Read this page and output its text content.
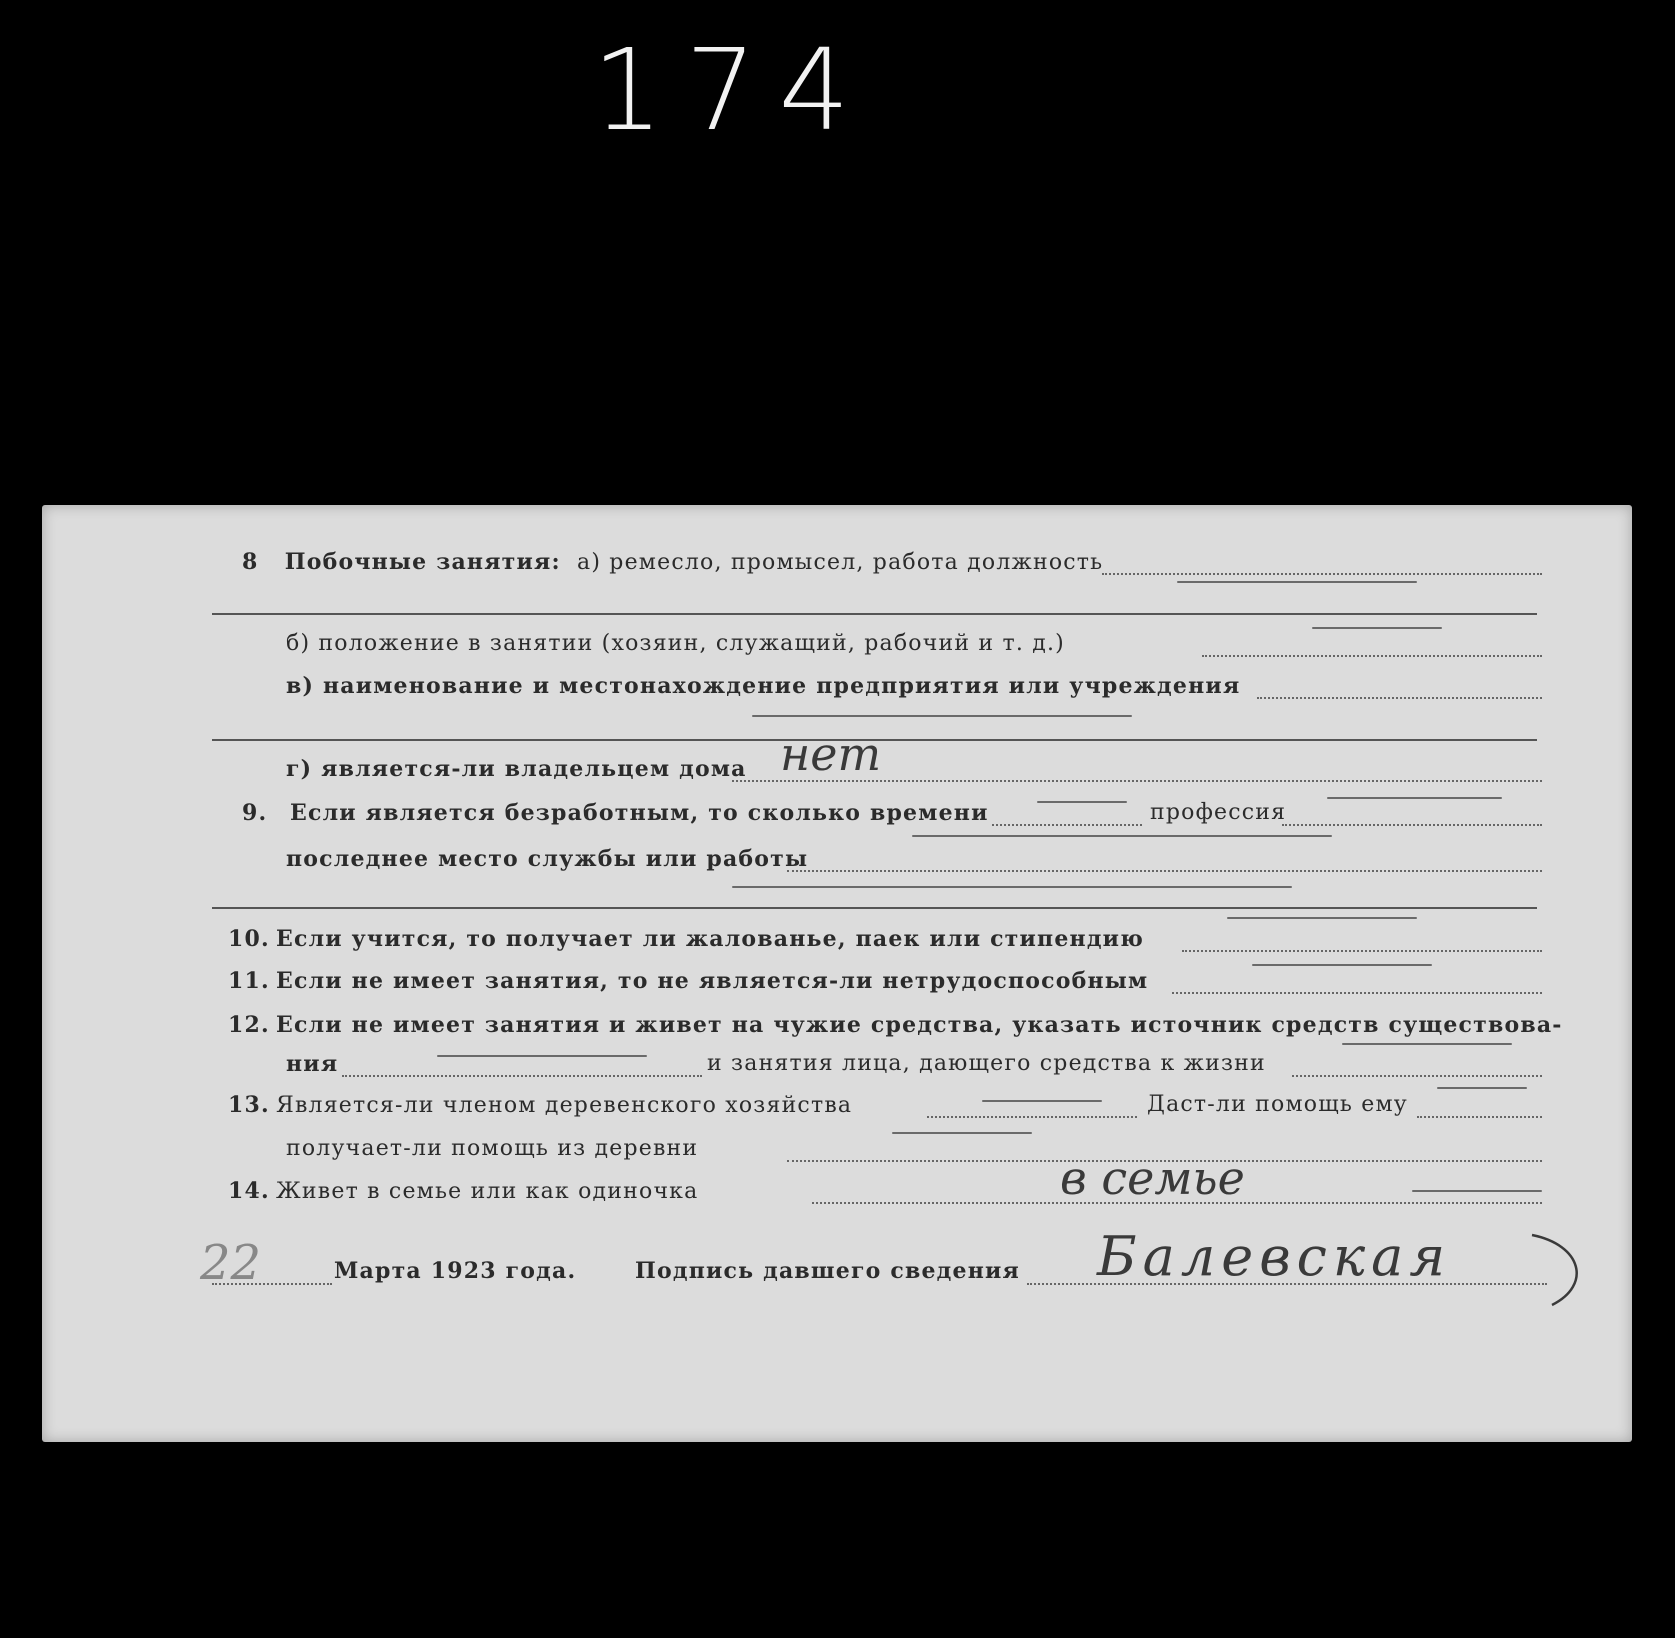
174
8 Побочные занятия: а) ремесло, промысел, работа должность
б) положение в занятии (хозяин, служащий, рабочий и т. д.)
в) наименование и местонахождение предприятия или учреждения
г) является-ли владельцем дома нет
9. Если является безработным, то сколько времени	профессия
последнее место службы или работы
10. Если учится, то получает ли жалованье, паек или стипендию
11. Если не имеет занятия, то не является-ли нетрудоспособным
12. Если не имеет занятия и живет на чужие средства, указать источник средств существова-
ния	и занятия лица, дающего средства к жизни
13. Является-ли членом деревенского хозяйства	Даст-ли помощь ему
получает-ли помощь из деревни
14. Живет в семье или как одиночка	в семье
22	Марта 1923 года.	Подпись давшего сведения Балевская
